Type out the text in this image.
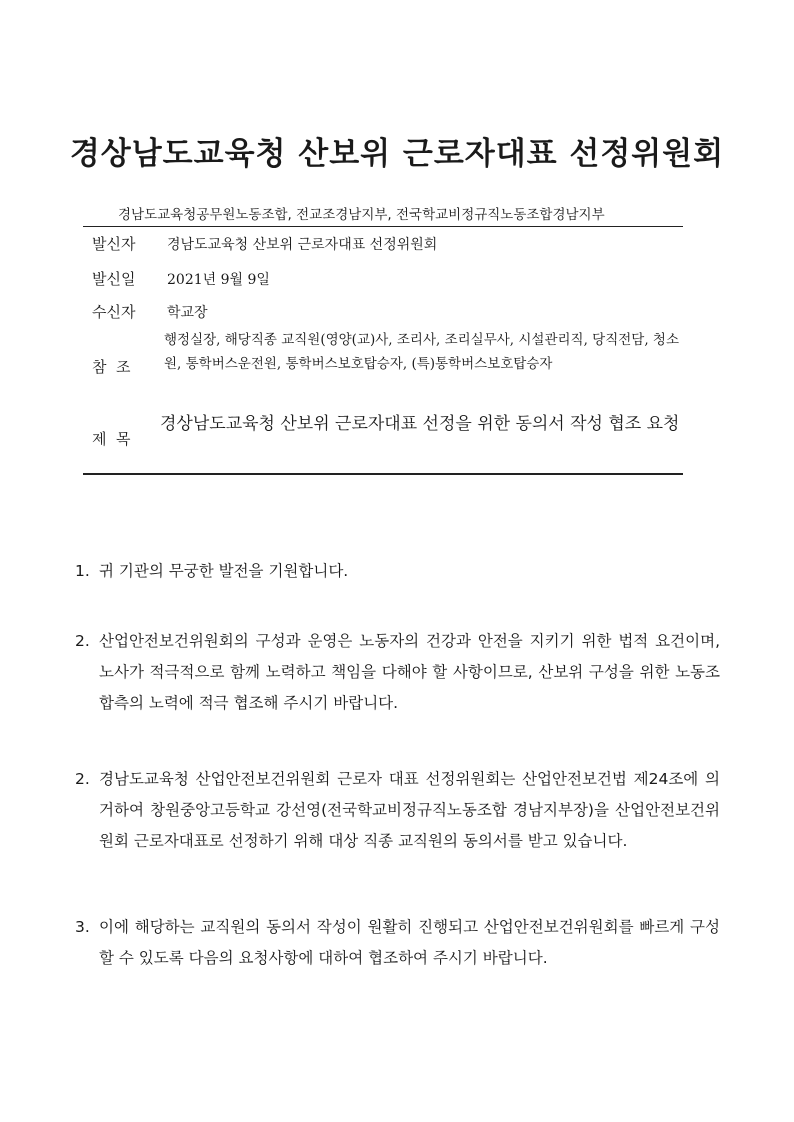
경상남도교육청 산보위 근로자대표 선정위원회
경남도교육청공무원노동조합, 전교조경남지부, 전국학교비정규직노동조합경남지부
발신자 경남도교육청 산보위 근로자대표 선정위원회
발신일 2021년 9월 9일
수신자 학교장
참  조
행정실장, 해당직종 교직원(영양(교)사, 조리사, 조리실무사, 시설관리직, 당직전담, 청소원, 통학버스운전원, 통학버스보호탑승자, (특)통학버스보호탑승자
제  목
경상남도교육청 산보위 근로자대표 선정을 위한 동의서 작성 협조 요청
1. 귀 기관의 무궁한 발전을 기원합니다.
2. 산업안전보건위원회의 구성과 운영은 노동자의 건강과 안전을 지키기 위한 법적 요건이며, 노사가 적극적으로 함께 노력하고 책임을 다해야 할 사항이므로, 산보위 구성을 위한 노동조합측의 노력에 적극 협조해 주시기 바랍니다.
2. 경남도교육청 산업안전보건위원회 근로자 대표 선정위원회는 산업안전보건법 제24조에 의거하여 창원중앙고등학교 강선영(전국학교비정규직노동조합 경남지부장)을 산업안전보건위원회 근로자대표로 선정하기 위해 대상 직종 교직원의 동의서를 받고 있습니다.
3. 이에 해당하는 교직원의 동의서 작성이 원활히 진행되고 산업안전보건위원회를 빠르게 구성할 수 있도록 다음의 요청사항에 대하여 협조하여 주시기 바랍니다.
